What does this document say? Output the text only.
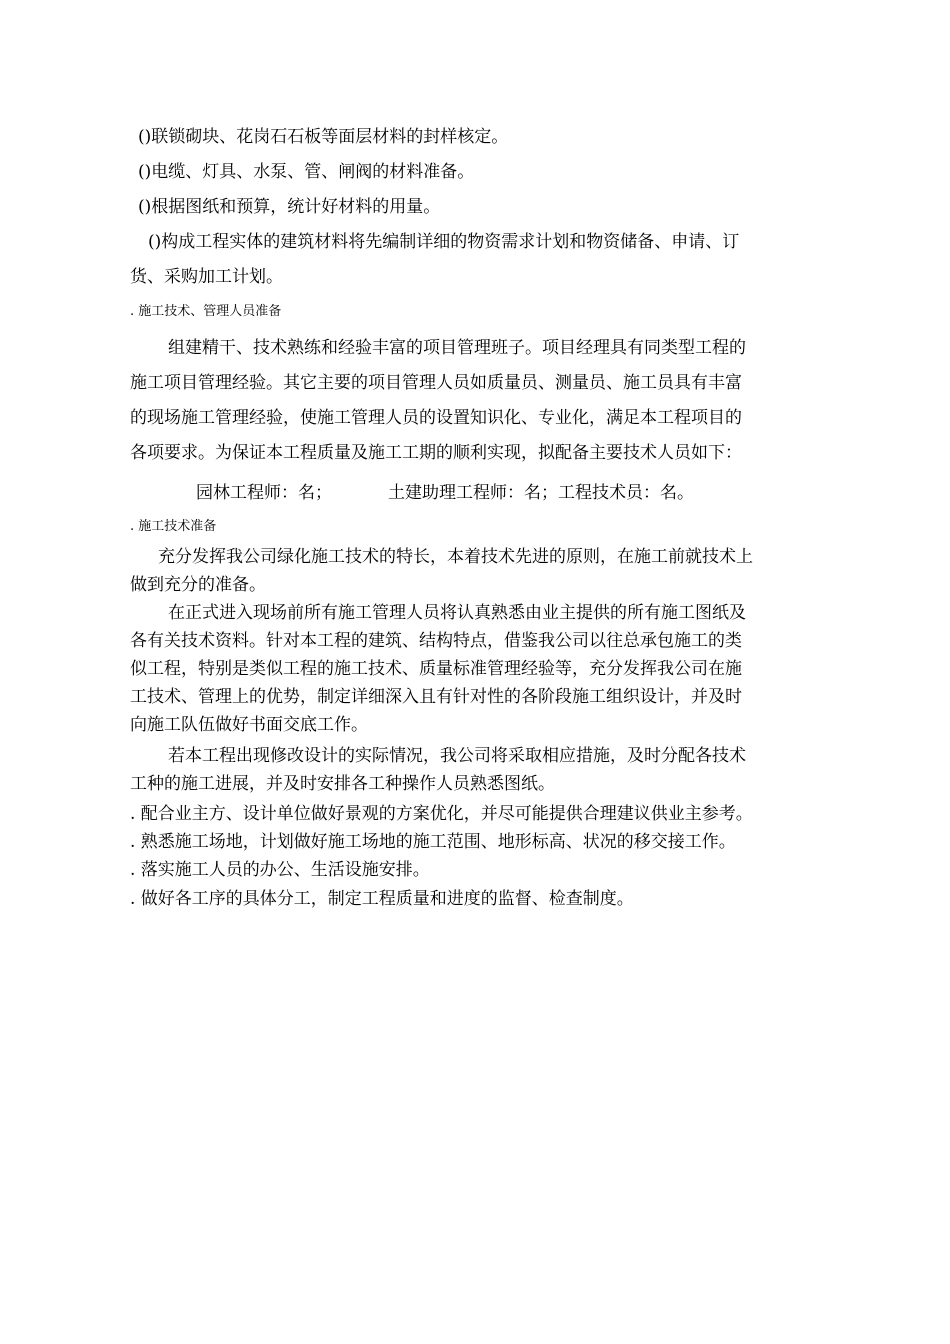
()联锁砌块、花岗石石板等面层材料的封样核定。

()电缆、灯具、水泵、管、闸阀的材料准备。

()根据图纸和预算，统计好材料的用量。

()构成工程实体的建筑材料将先编制详细的物资需求计划和物资储备、申请、订

货、采购加工计划。

. 施工技术、管理人员准备

组建精干、技术熟练和经验丰富的项目管理班子。项目经理具有同类型工程的

施工项目管理经验。其它主要的项目管理人员如质量员、测量员、施工员具有丰富

的现场施工管理经验，使施工管理人员的设置知识化、专业化，满足本工程项目的

各项要求。为保证本工程质量及施工工期的顺利实现，拟配备主要技术人员如下：

园林工程师：名；	土建助理工程师：名；工程技术员：名。

. 施工技术准备

充分发挥我公司绿化施工技术的特长，本着技术先进的原则，在施工前就技术上

做到充分的准备。

在正式进入现场前所有施工管理人员将认真熟悉由业主提供的所有施工图纸及

各有关技术资料。针对本工程的建筑、结构特点，借鉴我公司以往总承包施工的类

似工程，特别是类似工程的施工技术、质量标准管理经验等，充分发挥我公司在施

工技术、管理上的优势，制定详细深入且有针对性的各阶段施工组织设计，并及时

向施工队伍做好书面交底工作。

若本工程出现修改设计的实际情况，我公司将采取相应措施，及时分配各技术

工种的施工进展，并及时安排各工种操作人员熟悉图纸。

. 配合业主方、设计单位做好景观的方案优化，并尽可能提供合理建议供业主参考。

. 熟悉施工场地，计划做好施工场地的施工范围、地形标高、状况的移交接工作。

. 落实施工人员的办公、生活设施安排。

. 做好各工序的具体分工，制定工程质量和进度的监督、检查制度。
